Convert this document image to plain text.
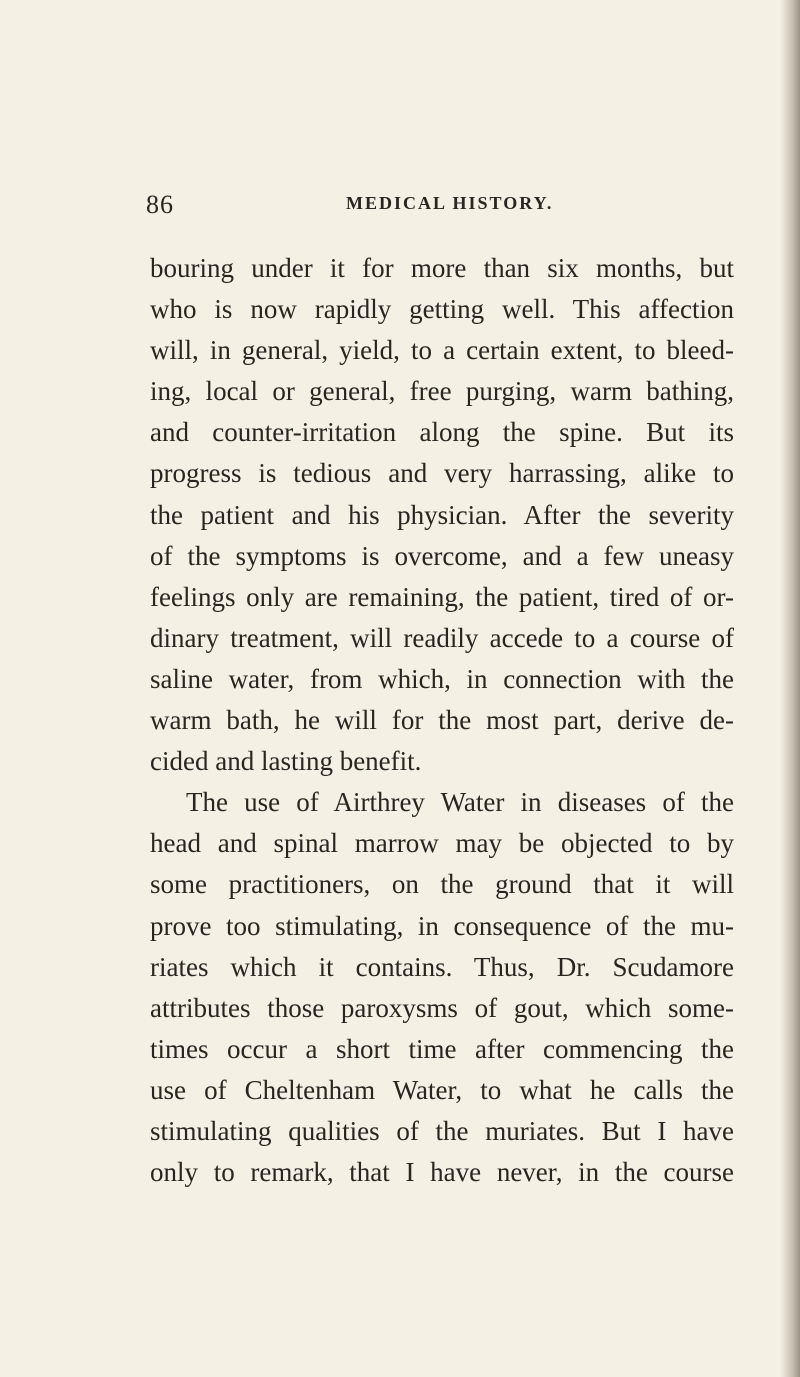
86	MEDICAL HISTORY.
bouring under it for more than six months, but
who is now rapidly getting well. This affection
will, in general, yield, to a certain extent, to bleed-
ing, local or general, free purging, warm bathing,
and counter-irritation along the spine. But its
progress is tedious and very harrassing, alike to
the patient and his physician. After the severity
of the symptoms is overcome, and a few uneasy
feelings only are remaining, the patient, tired of or-
dinary treatment, will readily accede to a course of
saline water, from which, in connection with the
warm bath, he will for the most part, derive de-
cided and lasting benefit.
The use of Airthrey Water in diseases of the
head and spinal marrow may be objected to by
some practitioners, on the ground that it will
prove too stimulating, in consequence of the mu-
riates which it contains. Thus, Dr. Scudamore
attributes those paroxysms of gout, which some-
times occur a short time after commencing the
use of Cheltenham Water, to what he calls the
stimulating qualities of the muriates. But I have
only to remark, that I have never, in the course
